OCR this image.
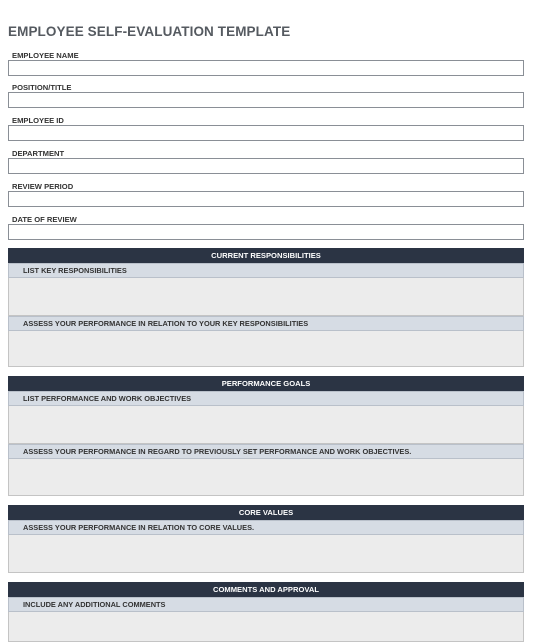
EMPLOYEE SELF-EVALUATION TEMPLATE
EMPLOYEE NAME
POSITION/TITLE
EMPLOYEE ID
DEPARTMENT
REVIEW PERIOD
DATE OF REVIEW
CURRENT RESPONSIBILITIES
LIST KEY RESPONSIBILITIES
ASSESS YOUR PERFORMANCE IN RELATION TO YOUR KEY RESPONSIBILITIES
PERFORMANCE GOALS
LIST PERFORMANCE AND WORK OBJECTIVES
ASSESS YOUR PERFORMANCE IN REGARD TO PREVIOUSLY SET PERFORMANCE AND WORK OBJECTIVES.
CORE VALUES
ASSESS YOUR PERFORMANCE IN RELATION TO CORE VALUES.
COMMENTS AND APPROVAL
INCLUDE ANY ADDITIONAL COMMENTS
